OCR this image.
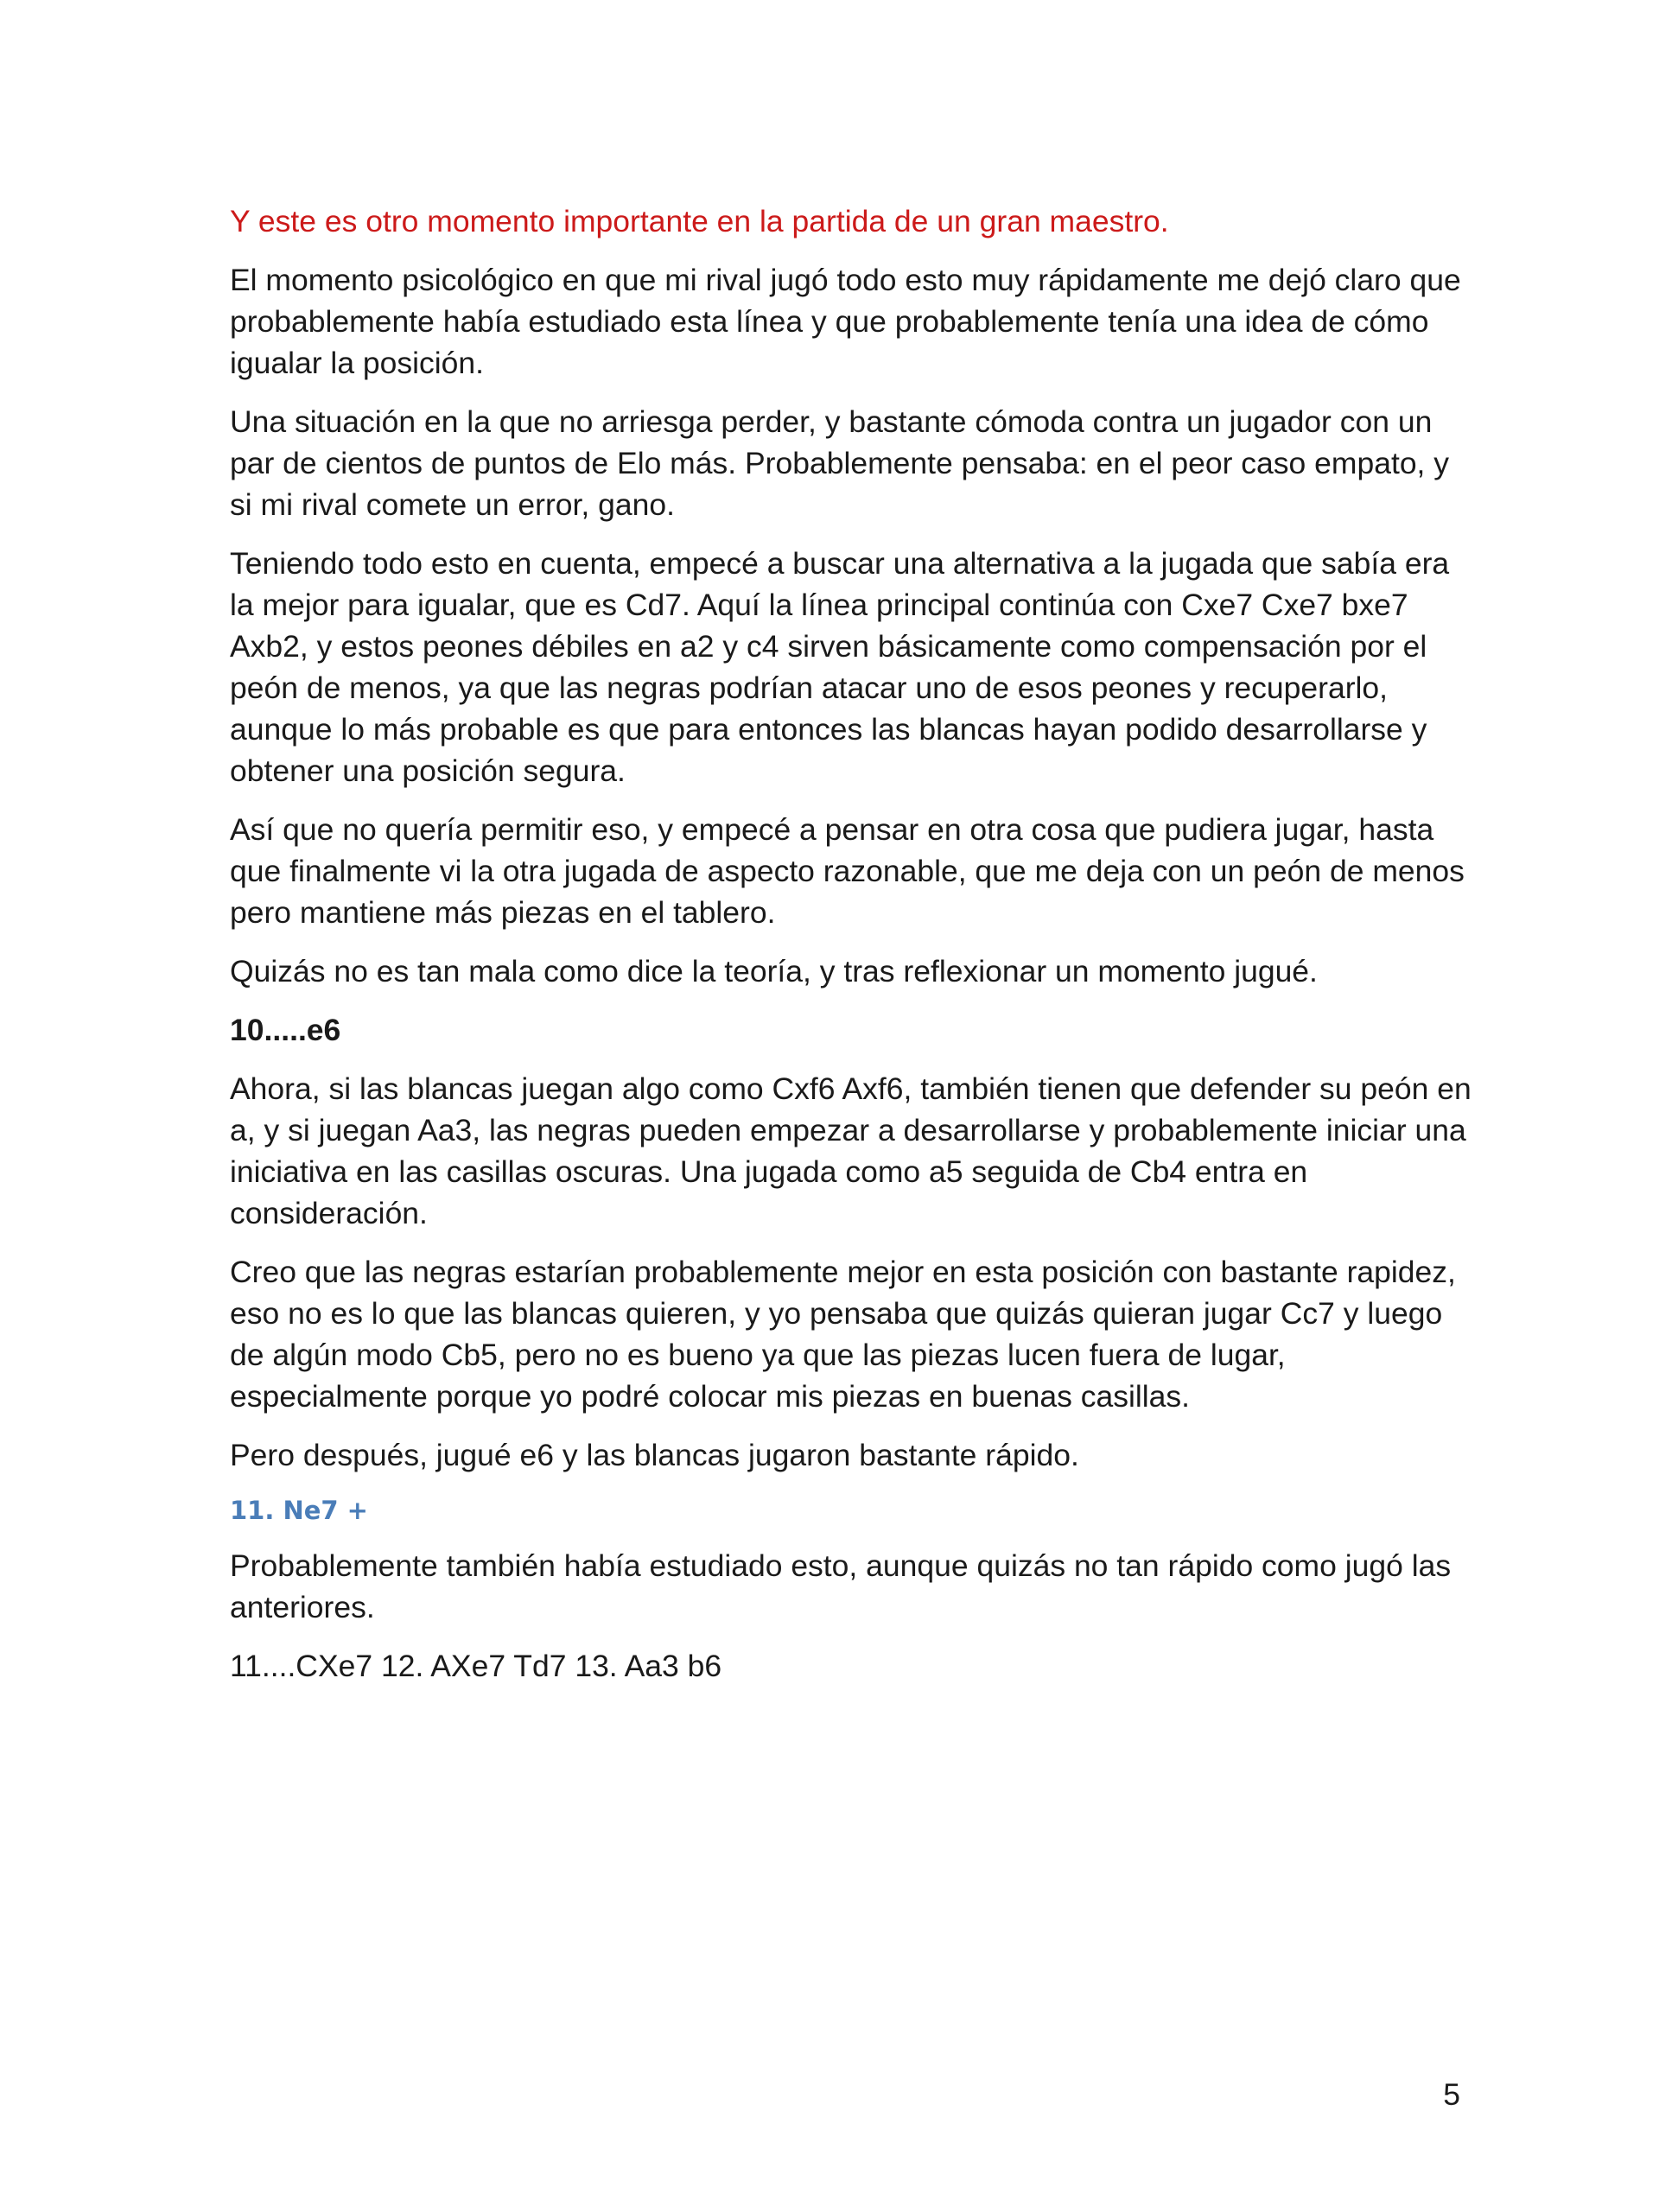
Y este es otro momento importante en la partida de un gran maestro.

El momento psicológico en que mi rival jugó todo esto muy rápidamente me dejó claro que probablemente había estudiado esta línea y que probablemente tenía una idea de cómo igualar la posición.

Una situación en la que no arriesga perder, y bastante cómoda contra un jugador con un par de cientos de puntos de Elo más. Probablemente pensaba: en el peor caso empato, y si mi rival comete un error, gano.

Teniendo todo esto en cuenta, empecé a buscar una alternativa a la jugada que sabía era la mejor para igualar, que es Cd7. Aquí la línea principal continúa con Cxe7 Cxe7 bxe7 Axb2, y estos peones débiles en a2 y c4 sirven básicamente como compensación por el peón de menos, ya que las negras podrían atacar uno de esos peones y recuperarlo, aunque lo más probable es que para entonces las blancas hayan podido desarrollarse y obtener una posición segura.

Así que no quería permitir eso, y empecé a pensar en otra cosa que pudiera jugar, hasta que finalmente vi la otra jugada de aspecto razonable, que me deja con un peón de menos pero mantiene más piezas en el tablero.

Quizás no es tan mala como dice la teoría, y tras reflexionar un momento jugué.

10.....e6

Ahora, si las blancas juegan algo como Cxf6 Axf6, también tienen que defender su peón en a, y si juegan Aa3, las negras pueden empezar a desarrollarse y probablemente iniciar una iniciativa en las casillas oscuras. Una jugada como a5 seguida de Cb4 entra en consideración.

Creo que las negras estarían probablemente mejor en esta posición con bastante rapidez, eso no es lo que las blancas quieren, y yo pensaba que quizás quieran jugar Cc7 y luego de algún modo Cb5, pero no es bueno ya que las piezas lucen fuera de lugar, especialmente porque yo podré colocar mis piezas en buenas casillas.

Pero después, jugué e6 y las blancas jugaron bastante rápido.

11. Ne7 +

Probablemente también había estudiado esto, aunque quizás no tan rápido como jugó las anteriores.

11....CXe7 12. AXe7 Td7 13. Aa3 b6

5
